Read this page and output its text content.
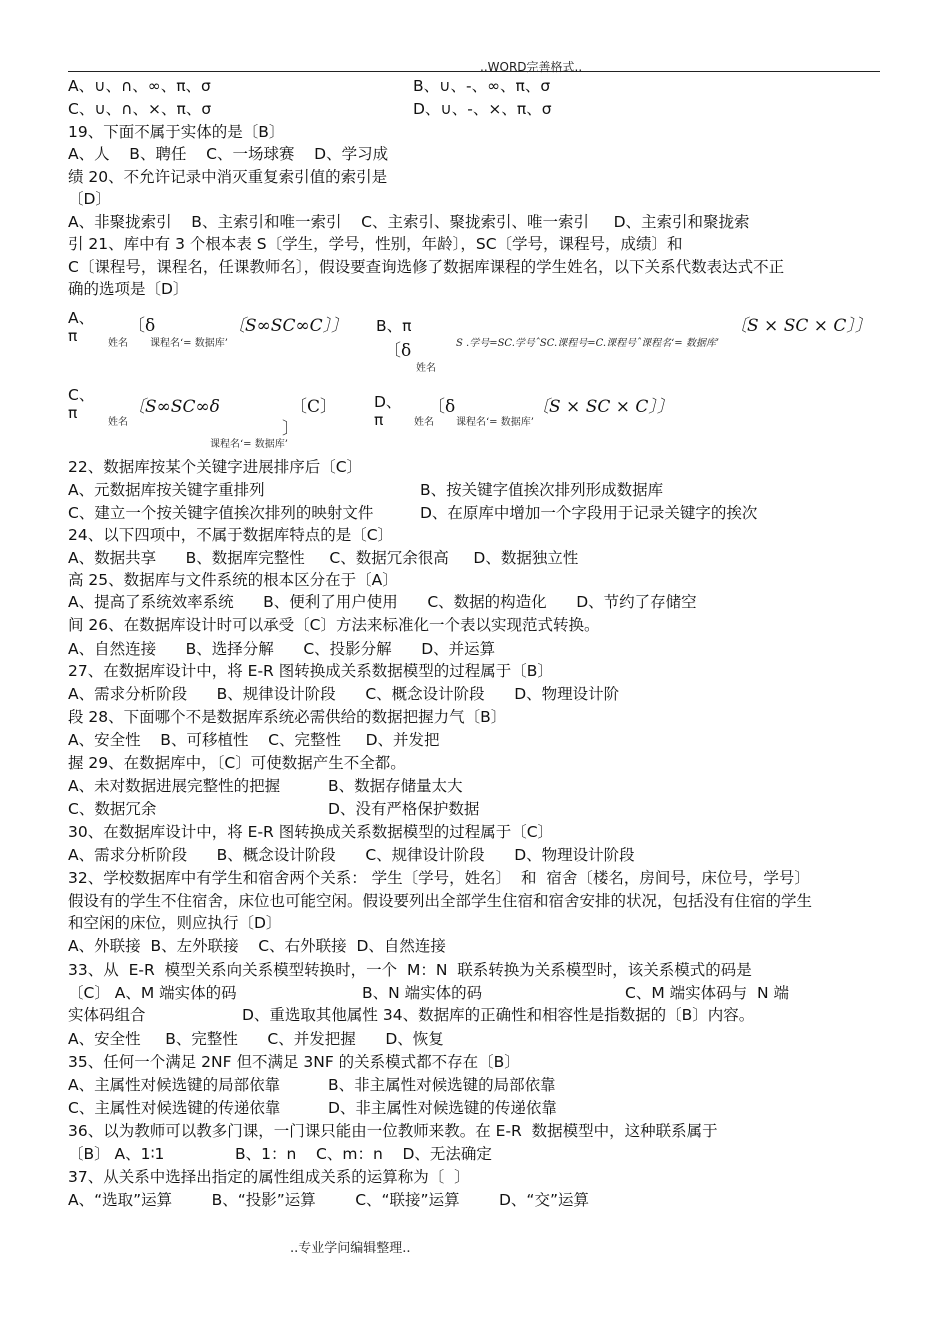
..WORD完善格式..
A、∪、∩、∞、π、σ	B、∪、-、∞、π、σ
C、∪、∩、×、π、σ	D、∪、-、×、π、σ
19、下面不属于实体的是〔B〕
A、人    B、聘任    C、一场球赛    D、学习成
绩 20、不允许记录中消灭重复索引值的索引是
〔D〕
A、非聚拢索引    B、主索引和唯一索引    C、主索引、聚拢索引、唯一索引     D、主索引和聚拢索
引 21、库中有 3 个根本表 S〔学生，学号，性别，年龄〕，SC〔学号，课程号，成绩〕和
C〔课程号，课程名，任课教师名〕，假设要查询选修了数据库课程的学生姓名，以下关系代数表达式不正
确的选项是〔D〕
A、
π	〔δ	〔S∞SC∞C〕〕
姓名 课程名‘= 数据库’
B、π
〔δ
〔S × SC × C〕〕
S .学号=SC.学号ˆSC.课程号=C.课程号ˆ课程名‘= 数据库’
姓名
C、
π	〔S∞SC∞δ	〔C〕
〕
姓名
课程名‘= 数据库’
D、
π
〔δ	〔S × SC × C〕〕
姓名 课程名‘= 数据库’
22、数据库按某个关键字进展排序后〔C〕
A、元数据库按关键字重排列	B、按关键字值挨次排列形成数据库
C、建立一个按关键字值挨次排列的映射文件	D、在原库中增加一个字段用于记录关键字的挨次
24、以下四项中，不属于数据库特点的是〔C〕
A、数据共享      B、数据库完整性     C、数据冗余很高     D、数据独立性
高 25、数据库与文件系统的根本区分在于〔A〕
A、提高了系统效率系统      B、便利了用户使用      C、数据的构造化      D、节约了存储空
间 26、在数据库设计时可以承受〔C〕方法来标准化一个表以实现范式转换。
A、自然连接      B、选择分解      C、投影分解      D、并运算
27、在数据库设计中，将 E-R 图转换成关系数据模型的过程属于〔B〕
A、需求分析阶段      B、规律设计阶段      C、概念设计阶段      D、物理设计阶
段 28、下面哪个不是数据库系统必需供给的数据把握力气〔B〕
A、安全性    B、可移植性    C、完整性     D、并发把
握 29、在数据库中，〔C〕可使数据产生不全都。
A、未对数据进展完整性的把握	B、数据存储量太大
C、数据冗余	D、没有严格保护数据
30、在数据库设计中，将 E-R 图转换成关系数据模型的过程属于〔C〕
A、需求分析阶段      B、概念设计阶段      C、规律设计阶段      D、物理设计阶段
32、学校数据库中有学生和宿舍两个关系： 学生〔学号，姓名〕  和  宿舍〔楼名，房间号，床位号，学号〕
假设有的学生不住宿舍，床位也可能空闲。假设要列出全部学生住宿和宿舍安排的状况，包括没有住宿的学生
和空闲的床位，则应执行〔D〕
A、外联接  B、左外联接    C、右外联接  D、自然连接
33、从  E-R  模型关系向关系模型转换时，一个  M：N  联系转换为关系模型时，该关系模式的码是
〔C〕 A、M 端实体的码	B、N 端实体的码	C、M 端实体码与  N 端
实体码组合	D、重选取其他属性 34、数据库的正确性和相容性是指数据的〔B〕内容。
A、安全性     B、完整性      C、并发把握      D、恢复
35、任何一个满足 2NF 但不满足 3NF 的关系模式都不存在〔B〕
A、主属性对候选键的局部依靠	B、非主属性对候选键的局部依靠
C、主属性对候选键的传递依靠	D、非主属性对候选键的传递依靠
36、以为教师可以教多门课，一门课只能由一位教师来教。在 E-R  数据模型中，这种联系属于
〔B〕 A、1∶1	B、1：n    C、m：n    D、无法确定
37、从关系中选择出指定的属性组成关系的运算称为〔  〕
A、“选取”运算        B、“投影”运算        C、“联接”运算        D、“交”运算
..专业学问编辑整理..
